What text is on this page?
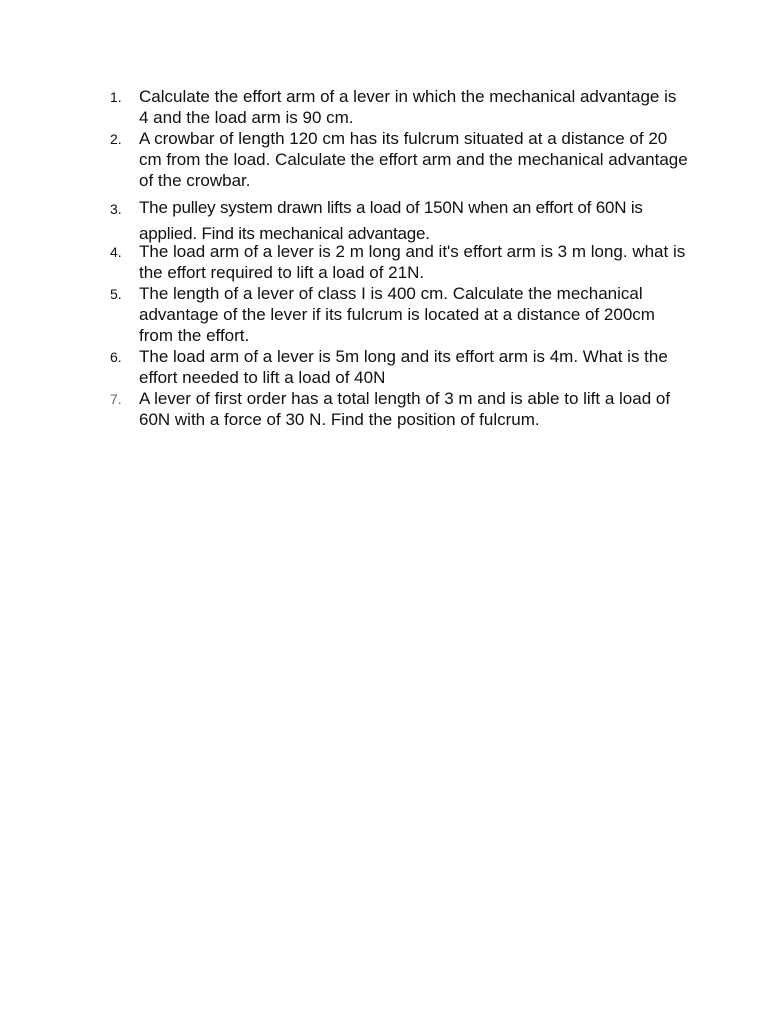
1.	Calculate the effort arm of a lever in which the mechanical advantage is 4 and the load arm is 90 cm.
2.	A crowbar of length 120 cm has its fulcrum situated at a distance of 20 cm from the load. Calculate the effort arm and the mechanical advantage of the crowbar.
3.	The pulley system drawn lifts a load of 150N when an effort of 60N is applied. Find its mechanical advantage.
4.	The load arm of a lever is 2 m long and it's effort arm is 3 m long. what is the effort required to lift a load of 21N.
5.	The length of a lever of class I is 400 cm. Calculate the mechanical advantage of the lever if its fulcrum is located at a distance of 200cm from the effort.
6.	The load arm of a lever is 5m long and its effort arm is 4m. What is the effort needed to lift a load of 40N
7.	A lever of first order has a total length of 3 m and is able to lift a load of 60N with a force of 30 N. Find the position of fulcrum.
